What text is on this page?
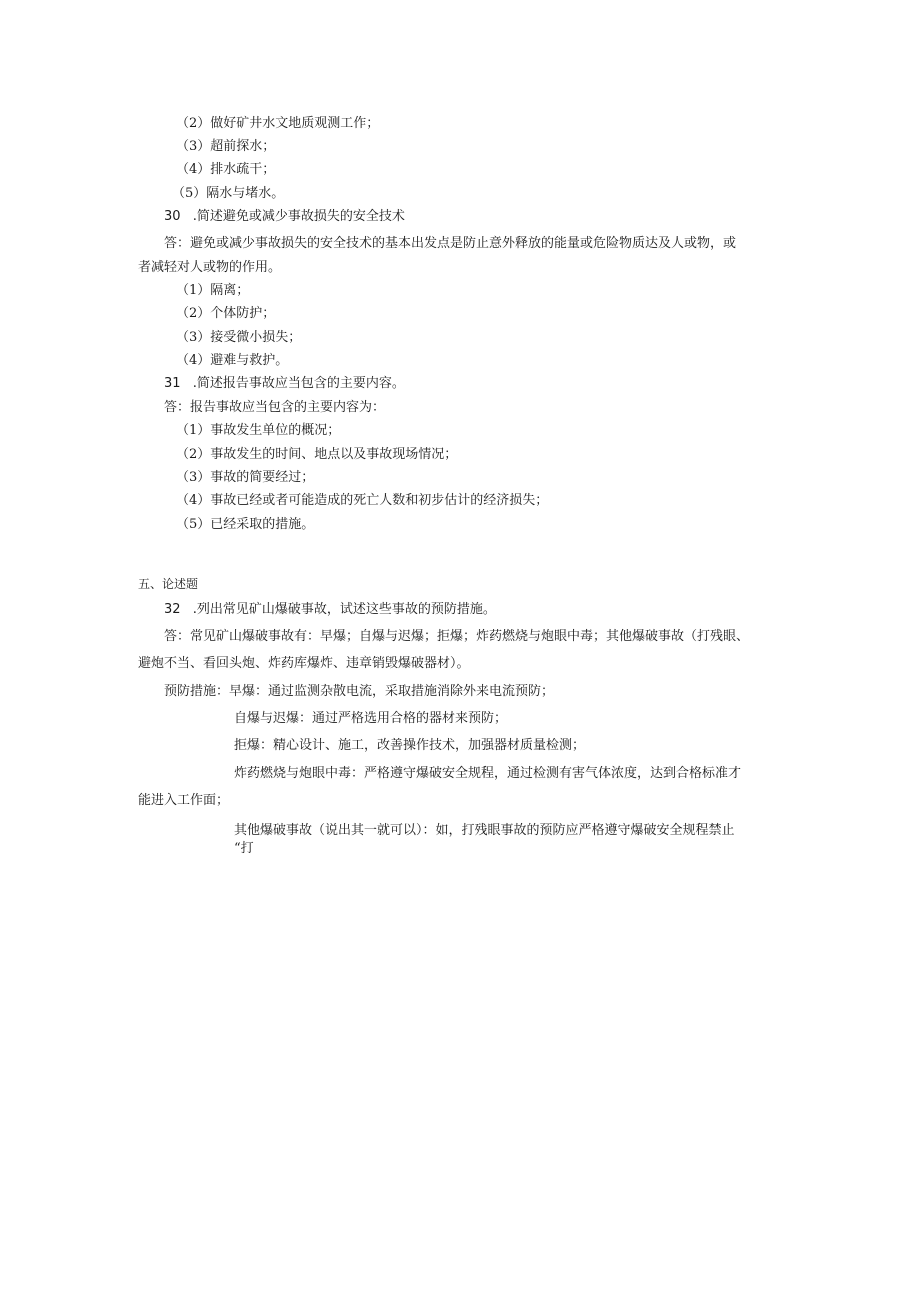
（2）做好矿井水文地质观测工作；
（3）超前探水；
（4）排水疏干；
（5）隔水与堵水。
30 .简述避免或减少事故损失的安全技术
答：避免或减少事故损失的安全技术的基本出发点是防止意外释放的能量或危险物质达及人或物，或
者减轻对人或物的作用。
（1）隔离；
（2）个体防护；
（3）接受微小损失；
（4）避难与救护。
31 .简述报告事故应当包含的主要内容。
答：报告事故应当包含的主要内容为：
（1）事故发生单位的概况；
（2）事故发生的时间、地点以及事故现场情况；
（3）事故的简要经过；
（4）事故已经或者可能造成的死亡人数和初步估计的经济损失；
（5）已经采取的措施。
五、论述题
32 .列出常见矿山爆破事故，试述这些事故的预防措施。
答：常见矿山爆破事故有：早爆；自爆与迟爆；拒爆；炸药燃烧与炮眼中毒；其他爆破事故（打残眼、
避炮不当、看回头炮、炸药库爆炸、违章销毁爆破器材）。
预防措施：早爆：通过监测杂散电流，采取措施消除外来电流预防；
自爆与迟爆：通过严格选用合格的器材来预防；
拒爆：精心设计、施工，改善操作技术，加强器材质量检测；
炸药燃烧与炮眼中毒：严格遵守爆破安全规程，通过检测有害气体浓度，达到合格标准才
能进入工作面；
其他爆破事故（说出其一就可以）：如，打残眼事故的预防应严格遵守爆破安全规程禁止
“打
